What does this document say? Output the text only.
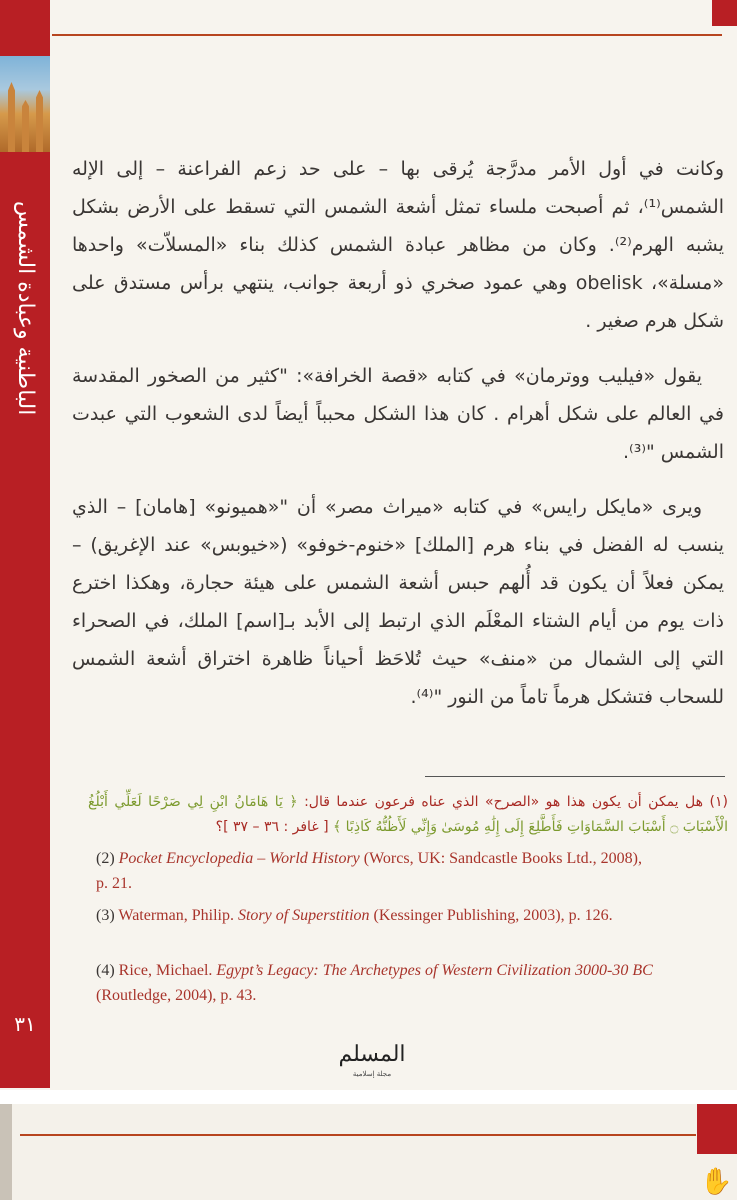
الباطنية وعبادة الشمس
٣١

وكانت في أول الأمر مدرَّجة يُرقى بها – على حد زعم الفراعنة – إلى الإله الشمس⁽¹⁾، ثم أصبحت ملساء تمثل أشعة الشمس التي تسقط على الأرض بشكل يشبه الهرم⁽²⁾. وكان من مظاهر عبادة الشمس كذلك بناء «المسلاّت» واحدها «مسلة»، obelisk وهي عمود صخري ذو أربعة جوانب، ينتهي برأس مستدق على شكل هرم صغير .

يقول «فيليب ووترمان» في كتابه «قصة الخرافة»: "كثير من الصخور المقدسة في العالم على شكل أهرام . كان هذا الشكل محبباً أيضاً لدى الشعوب التي عبدت الشمس "⁽³⁾.

ويرى «مايكل رايس» في كتابه «ميراث مصر» أن "«هميونو» [هامان] – الذي ينسب له الفضل في بناء هرم [الملك] «خنوم-خوفو» («خيوبس» عند الإغريق) – يمكن فعلاً أن يكون قد أُلهم حبس أشعة الشمس على هيئة حجارة، وهكذا اخترع ذات يوم من أيام الشتاء المعْلَم الذي ارتبط إلى الأبد بـ[اسم] الملك، في الصحراء التي إلى الشمال من «منف» حيث تُلاحَظ أحياناً ظاهرة اختراق أشعة الشمس للسحاب فتشكل هرماً تاماً من النور "⁽⁴⁾.

(١) هل يمكن أن يكون هذا هو «الصرح» الذي عناه فرعون عندما قال: ﴿ يَا هَامَانُ ابْنِ لِي صَرْحًا لَعَلِّي أَبْلُغُ الْأَسْبَابَ ۝ أَسْبَابَ السَّمَاوَاتِ فَأَطَّلِعَ إِلَى إِلَٰهِ مُوسَىٰ وَإِنِّي لَأَظُنُّهُ كَاذِبًا ﴾ [ غافر : ٣٦ – ٣٧ ]؟
(2) Pocket Encyclopedia – World History (Worcs, UK: Sandcastle Books Ltd., 2008), p. 21.
(3) Waterman, Philip. Story of Superstition (Kessinger Publishing, 2003), p. 126.
(4) Rice, Michael. Egypt’s Legacy: The Archetypes of Western Civilization 3000-30 BC (Routledge, 2004), p. 43.
المسلم
مجلة إسلامية
✋
